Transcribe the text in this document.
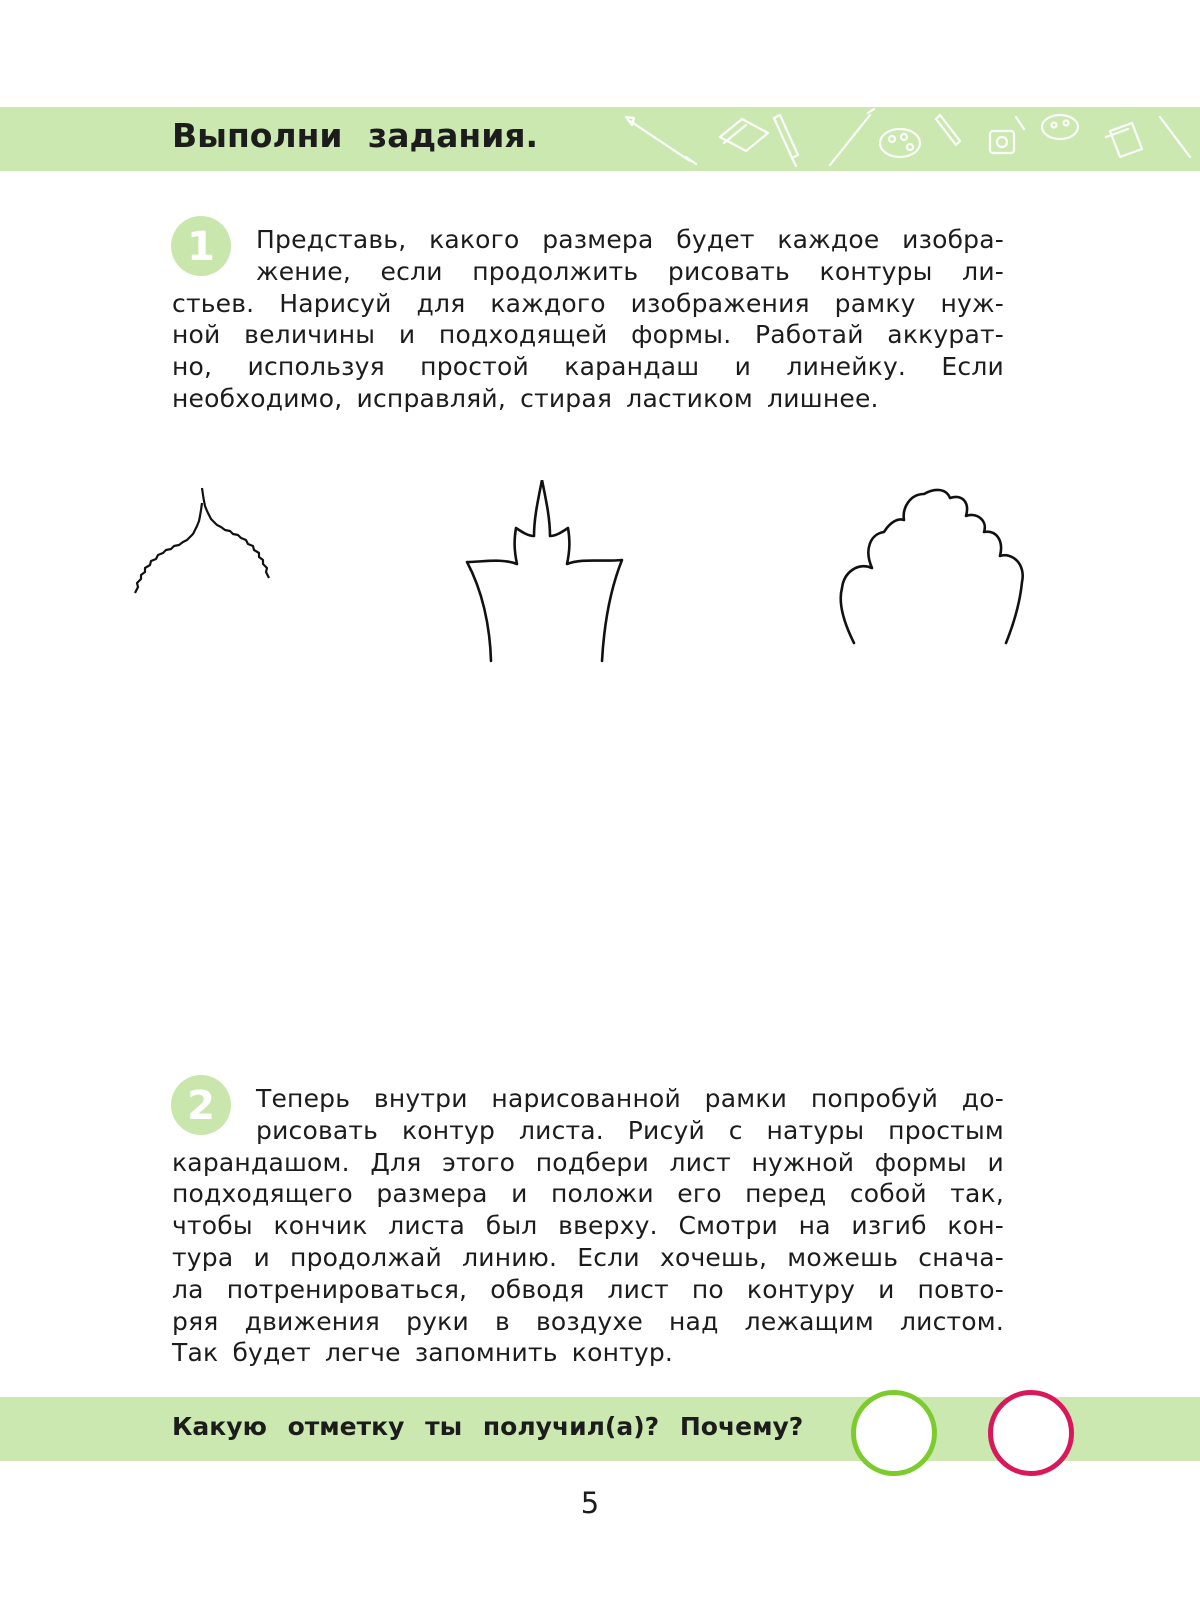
Выполни задания.
1	Представь, какого размера будет каждое изобра-
жение, если продолжить рисовать контуры ли-
стьев. Нарисуй для каждого изображения рамку нуж-
ной величины и подходящей формы. Работай аккурат-
но, используя простой карандаш и линейку. Если
необходимо, исправляй, стирая ластиком лишнее.

2	Теперь внутри нарисованной рамки попробуй до-
рисовать контур листа. Рисуй с натуры простым
карандашом. Для этого подбери лист нужной формы и
подходящего размера и положи его перед собой так,
чтобы кончик листа был вверху. Смотри на изгиб кон-
тура и продолжай линию. Если хочешь, можешь снача-
ла потренироваться, обводя лист по контуру и повто-
ряя движения руки в воздухе над лежащим листом.
Так будет легче запомнить контур.

Какую отметку ты получил(а)? Почему?
5
